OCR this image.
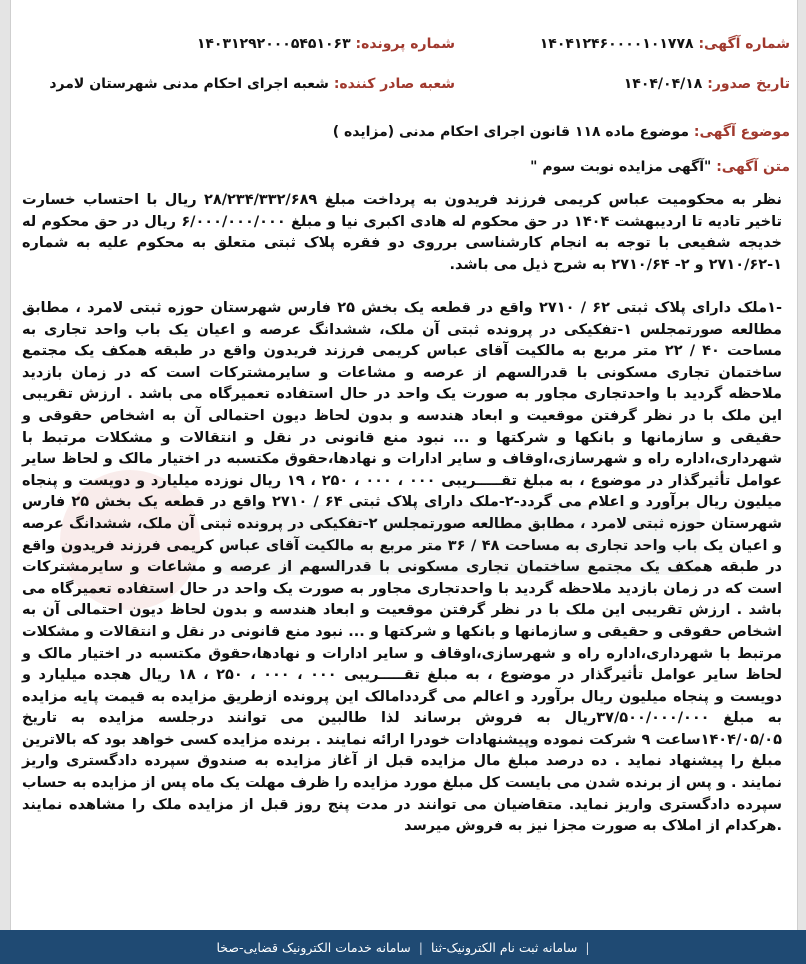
شماره آگهی: ۱۴۰۴۱۲۴۶۰۰۰۰۱۰۱۷۷۸
شماره پرونده: ۱۴۰۳۱۲۹۲۰۰۰۵۴۵۱۰۶۳
تاریخ صدور: ۱۴۰۴/۰۴/۱۸
شعبه صادر کننده: شعبه اجرای احکام مدنی شهرستان لامرد
موضوع آگهی: موضوع ماده ۱۱۸ قانون اجرای احکام مدنی (مزایده )
متن آگهی: "آگهی مزایده نوبت سوم "

نظر به محکومیت عباس کریمی فرزند فریدون به پرداخت مبلغ ۲۸/۲۳۴/۳۳۲/۶۸۹ ریال با احتساب خسارت تاخیر تادیه تا اردیبهشت ۱۴۰۴ در حق محکوم له هادی اکبری نیا و مبلغ ۶/۰۰۰/۰۰۰/۰۰۰ ریال در حق محکوم له خدیجه شفیعی با توجه به انجام کارشناسی برروی دو فقره پلاک ثبتی متعلق به محکوم علیه به شماره ۱-۲۷۱۰/۶۲ و ۲- ۲۷۱۰/۶۴ به شرح ذیل می باشد.

-۱ملک دارای پلاک ثبتی ۶۲ / ۲۷۱۰ واقع در قطعه یک بخش ۲۵ فارس شهرستان حوزه ثبتی لامرد ، مطابق مطالعه صورتمجلس ۱-تفکیکی در پرونده ثبتی آن ملک، ششدانگ عرصه و اعیان یک باب واحد تجاری به مساحت ۴۰ / ۲۲ متر مربع به مالکیت آقای عباس کریمی فرزند فریدون واقع در طبقه همکف یک مجتمع ساختمان تجاری مسکونی با قدرالسهم از عرصه و مشاعات و سایرمشترکات است که در زمان بازدید ملاحظه گردید با واحدتجاری مجاور به صورت یک واحد در حال استفاده تعمیرگاه می باشد . ارزش تقریبی این ملک با در نظر گرفتن موقعیت و ابعاد هندسه و بدون لحاظ دیون احتمالی آن به اشخاص حقوقی و حقیقی و سازمانها و بانکها و شرکتها و ... نبود منع قانونی در نقل و انتقالات و مشکلات مرتبط با شهرداری،اداره راه و شهرسازی،اوقاف و سایر ادارات و نهادها،حقوق مکتسبه در اختیار مالک و لحاظ سایر عوامل تأثیرگذار در موضوع ، به مبلغ تقـــــریبی ۰۰۰ ، ۰۰۰ ، ۲۵۰ ، ۱۹ ریال نوزده میلیارد و دویست و پنجاه میلیون ریال برآورد و اعلام می گردد-۲-ملک دارای پلاک ثبتی ۶۴ / ۲۷۱۰ واقع در قطعه یک بخش ۲۵ فارس شهرستان حوزه ثبتی لامرد ، مطابق مطالعه صورتمجلس ۲-تفکیکی در پرونده ثبتی آن ملک، ششدانگ عرصه و اعیان یک باب واحد تجاری به مساحت ۴۸ / ۳۶ متر مربع به مالکیت آقای عباس کریمی فرزند فریدون واقع در طبقه همکف یک مجتمع ساختمان تجاری مسکونی با قدرالسهم از عرصه و مشاعات و سایرمشترکات است که در زمان بازدید ملاحظه گردید با واحدتجاری مجاور به صورت یک واحد در حال استفاده تعمیرگاه می باشد . ارزش تقریبی این ملک با در نظر گرفتن موقعیت و ابعاد هندسه و بدون لحاظ دیون احتمالی آن به اشخاص حقوقی و حقیقی و سازمانها و بانکها و شرکتها و ... نبود منع قانونی در نقل و انتقالات و مشکلات مرتبط با شهرداری،اداره راه و شهرسازی،اوقاف و سایر ادارات و نهادها،حقوق مکتسبه در اختیار مالک و لحاظ سایر عوامل تأثیرگذار در موضوع ، به مبلغ تقـــــریبی ۰۰۰ ، ۰۰۰ ، ۲۵۰ ، ۱۸ ریال هجده میلیارد و دویست و پنجاه میلیون ریال برآورد و اعالم می گرددامالک این پرونده ازطریق مزایده به قیمت پایه مزایده به مبلغ ۳۷/۵۰۰/۰۰۰/۰۰۰ریال به فروش برساند لذا طالبین می توانند درجلسه مزایده به تاریخ ۱۴۰۴/۰۵/۰۵ساعت ۹ شرکت نموده وپیشنهادات خودرا ارائه نمایند . برنده مزایده کسی خواهد بود که بالاترین مبلغ را پیشنهاد نماید . ده درصد مبلغ مال مزایده قبل از آغاز مزایده به صندوق سپرده دادگستری واریز نمایند . و پس از برنده شدن می بایست کل مبلغ مورد مزایده را ظرف مهلت یک ماه پس از مزایده به حساب سپرده دادگستری واریز نماید. متقاضیان می توانند در مدت پنج روز قبل از مزایده ملک را مشاهده نمایند .هرکدام از املاک به صورت مجزا نیز به فروش میرسد

|
سامانه ثبت نام الکترونیک-ثنا
|
سامانه خدمات الکترونیک قضایی-صخا
